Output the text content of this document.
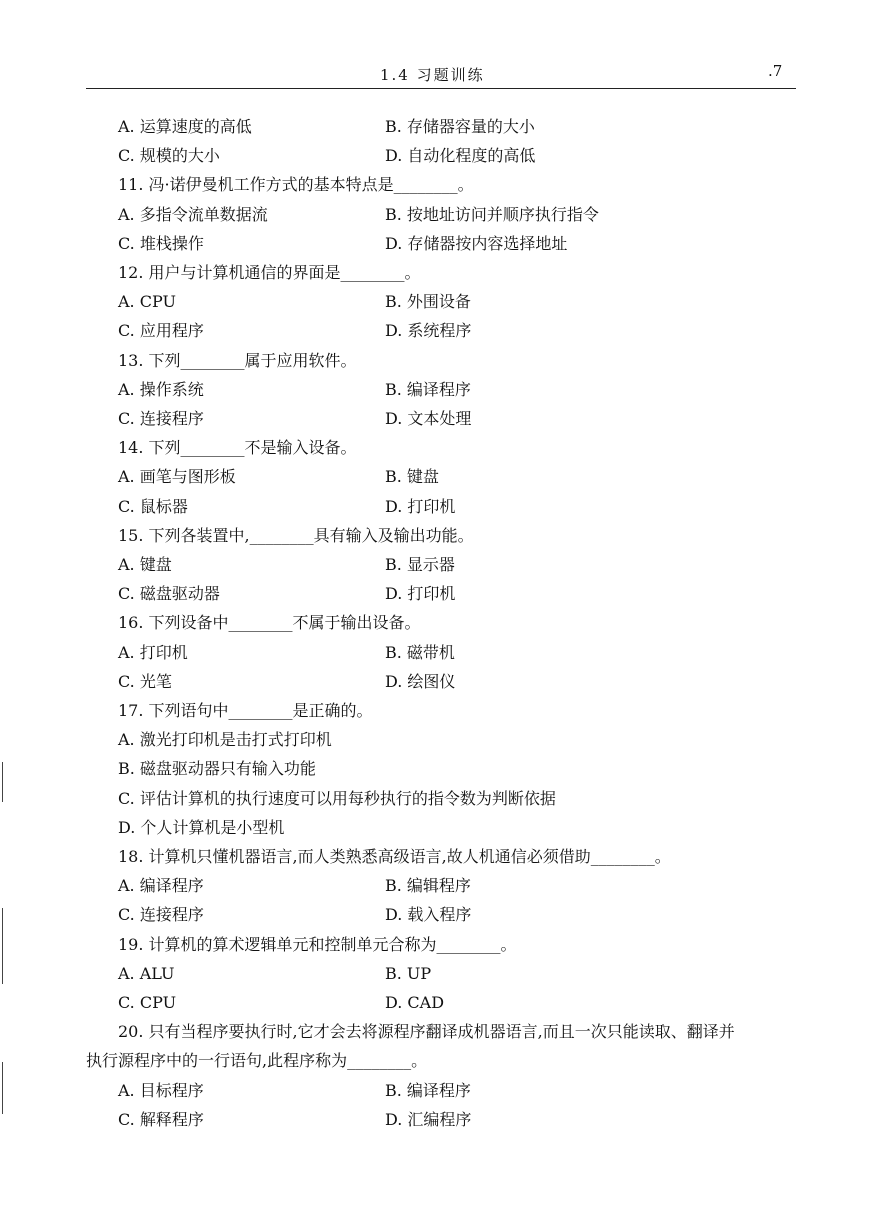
1.4 习题训练	.7
A. 运算速度的高低	B. 存储器容量的大小
C. 规模的大小	D. 自动化程度的高低
11. 冯·诺伊曼机工作方式的基本特点是________。
A. 多指令流单数据流	B. 按地址访问并顺序执行指令
C. 堆栈操作	D. 存储器按内容选择地址
12. 用户与计算机通信的界面是________。
A. CPU	B. 外围设备
C. 应用程序	D. 系统程序
13. 下列________属于应用软件。
A. 操作系统	B. 编译程序
C. 连接程序	D. 文本处理
14. 下列________不是输入设备。
A. 画笔与图形板	B. 键盘
C. 鼠标器	D. 打印机
15. 下列各装置中,________具有输入及输出功能。
A. 键盘	B. 显示器
C. 磁盘驱动器	D. 打印机
16. 下列设备中________不属于输出设备。
A. 打印机	B. 磁带机
C. 光笔	D. 绘图仪
17. 下列语句中________是正确的。
A. 激光打印机是击打式打印机
B. 磁盘驱动器只有输入功能
C. 评估计算机的执行速度可以用每秒执行的指令数为判断依据
D. 个人计算机是小型机
18. 计算机只懂机器语言,而人类熟悉高级语言,故人机通信必须借助________。
A. 编译程序	B. 编辑程序
C. 连接程序	D. 载入程序
19. 计算机的算术逻辑单元和控制单元合称为________。
A. ALU	B. UP
C. CPU	D. CAD
20. 只有当程序要执行时,它才会去将源程序翻译成机器语言,而且一次只能读取、翻译并
执行源程序中的一行语句,此程序称为________。
A. 目标程序	B. 编译程序
C. 解释程序	D. 汇编程序
